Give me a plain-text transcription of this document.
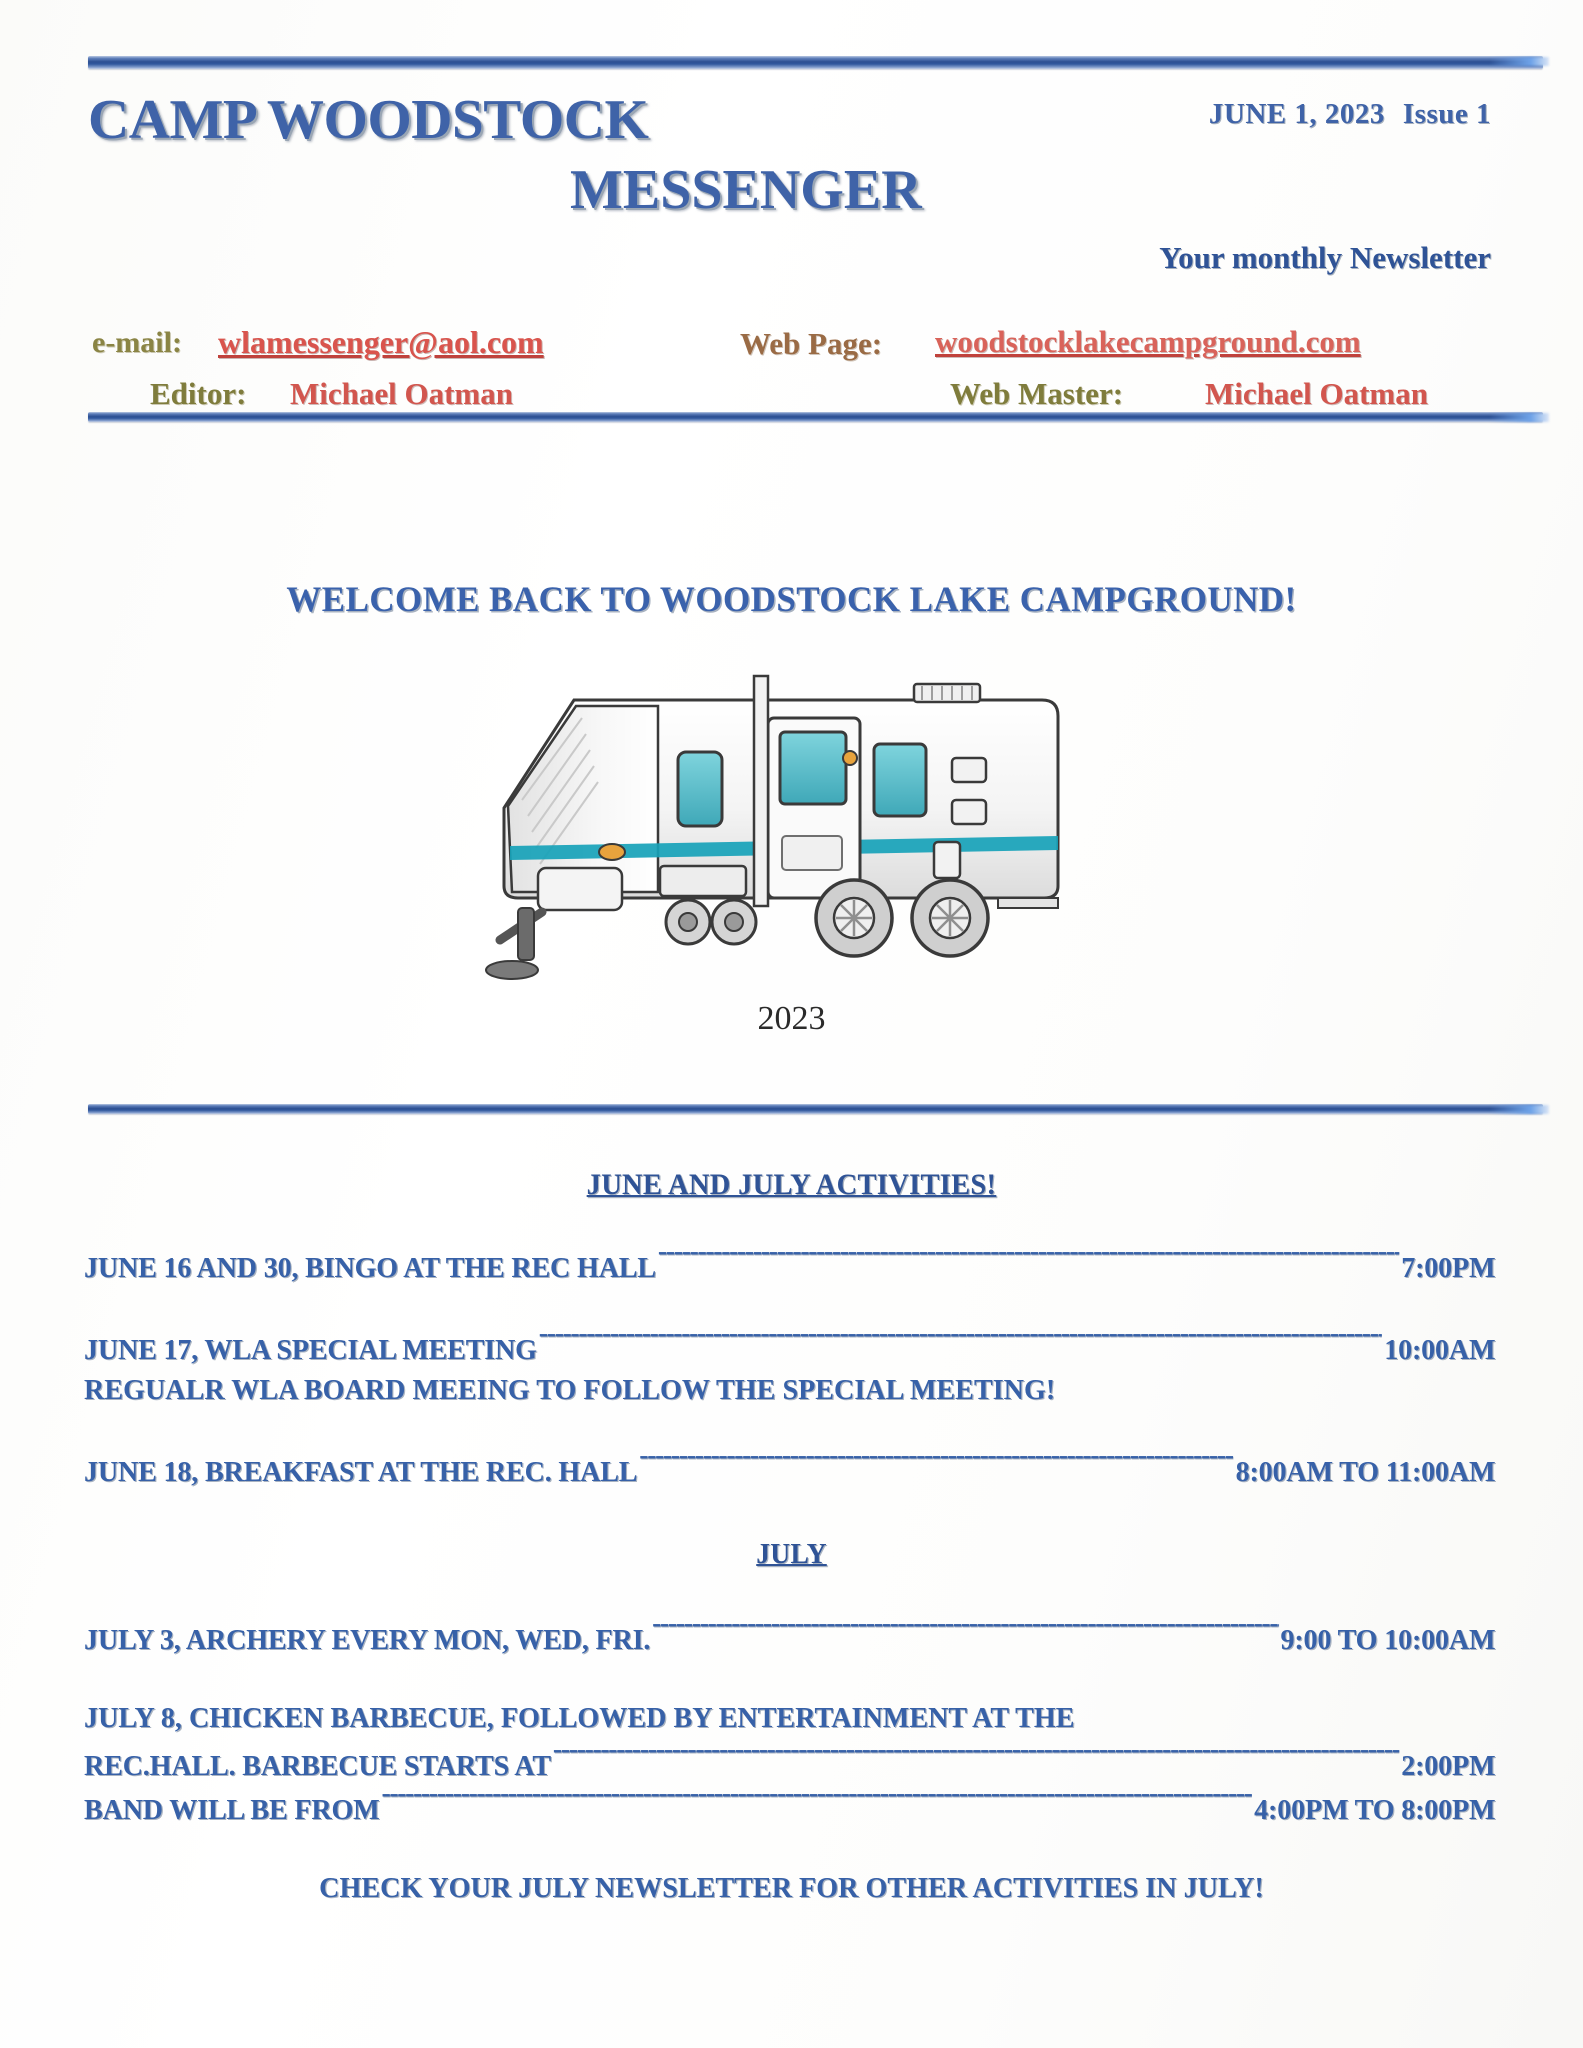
CAMP WOODSTOCK
MESSENGER
JUNE 1, 2023 Issue 1
Your monthly Newsletter
e-mail: wlamessenger@aol.com	Web Page: woodstocklakecampground.com
Editor: Michael Oatman	Web Master:	Michael Oatman
WELCOME BACK TO WOODSTOCK LAKE CAMPGROUND!
2023
JUNE AND JULY ACTIVITIES!
JUNE 16 AND 30, BINGO AT THE REC HALL -----	7:00PM
JUNE 17, WLA SPECIAL MEETING -----	10:00AM
REGUALR WLA BOARD MEEING TO FOLLOW THE SPECIAL MEETING!
JUNE 18, BREAKFAST AT THE REC. HALL -----	8:00AM TO 11:00AM
JULY
JULY 3, ARCHERY EVERY MON, WED, FRI. -----	9:00 TO 10:00AM
JULY 8, CHICKEN BARBECUE, FOLLOWED BY ENTERTAINMENT AT THE
REC.HALL. BARBECUE STARTS AT -----	2:00PM
BAND WILL BE FROM -----	4:00PM TO 8:00PM
CHECK YOUR JULY NEWSLETTER FOR OTHER ACTIVITIES IN JULY!
